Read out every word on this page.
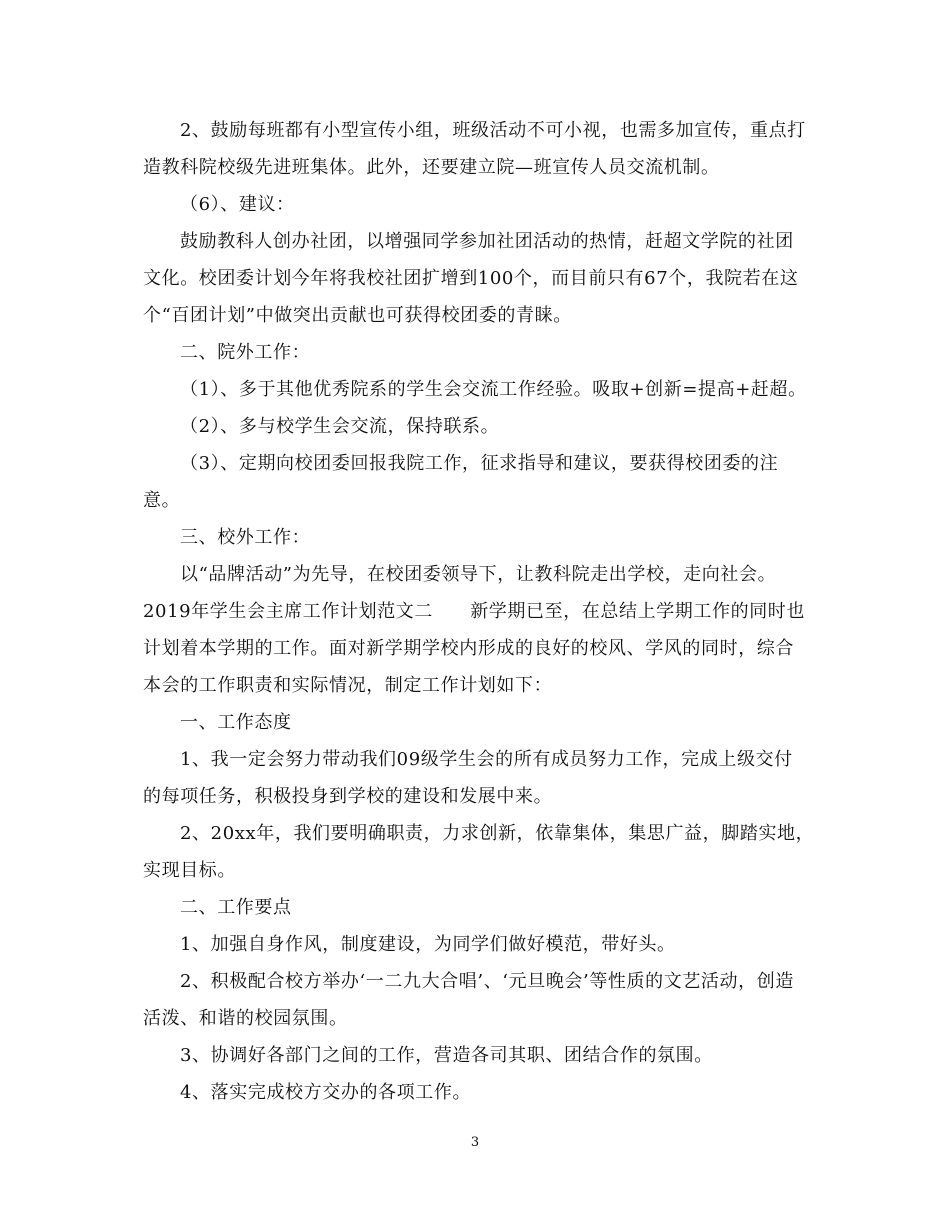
2、鼓励每班都有小型宣传小组，班级活动不可小视，也需多加宣传，重点打
造教科院校级先进班集体。此外，还要建立院—班宣传人员交流机制。
（6）、建议：
鼓励教科人创办社团，以增强同学参加社团活动的热情，赶超文学院的社团
文化。校团委计划今年将我校社团扩增到100个，而目前只有67个，我院若在这
个“百团计划”中做突出贡献也可获得校团委的青睐。
二、院外工作：
（1）、多于其他优秀院系的学生会交流工作经验。吸取+创新=提高+赶超。
（2）、多与校学生会交流，保持联系。
（3）、定期向校团委回报我院工作，征求指导和建议，要获得校团委的注
意。
三、校外工作：
以“品牌活动”为先导，在校团委领导下，让教科院走出学校，走向社会。
2019年学生会主席工作计划范文二　　新学期已至，在总结上学期工作的同时也
计划着本学期的工作。面对新学期学校内形成的良好的校风、学风的同时，综合
本会的工作职责和实际情况，制定工作计划如下：
一、工作态度
1、我一定会努力带动我们09级学生会的所有成员努力工作，完成上级交付
的每项任务，积极投身到学校的建设和发展中来。
2、20xx年，我们要明确职责，力求创新，依靠集体，集思广益，脚踏实地，
实现目标。
二、工作要点
1、加强自身作风，制度建设，为同学们做好模范，带好头。
2、积极配合校方举办‘一二九大合唱’、‘元旦晚会’等性质的文艺活动，创造
活泼、和谐的校园氛围。
3、协调好各部门之间的工作，营造各司其职、团结合作的氛围。
4、落实完成校方交办的各项工作。
3
